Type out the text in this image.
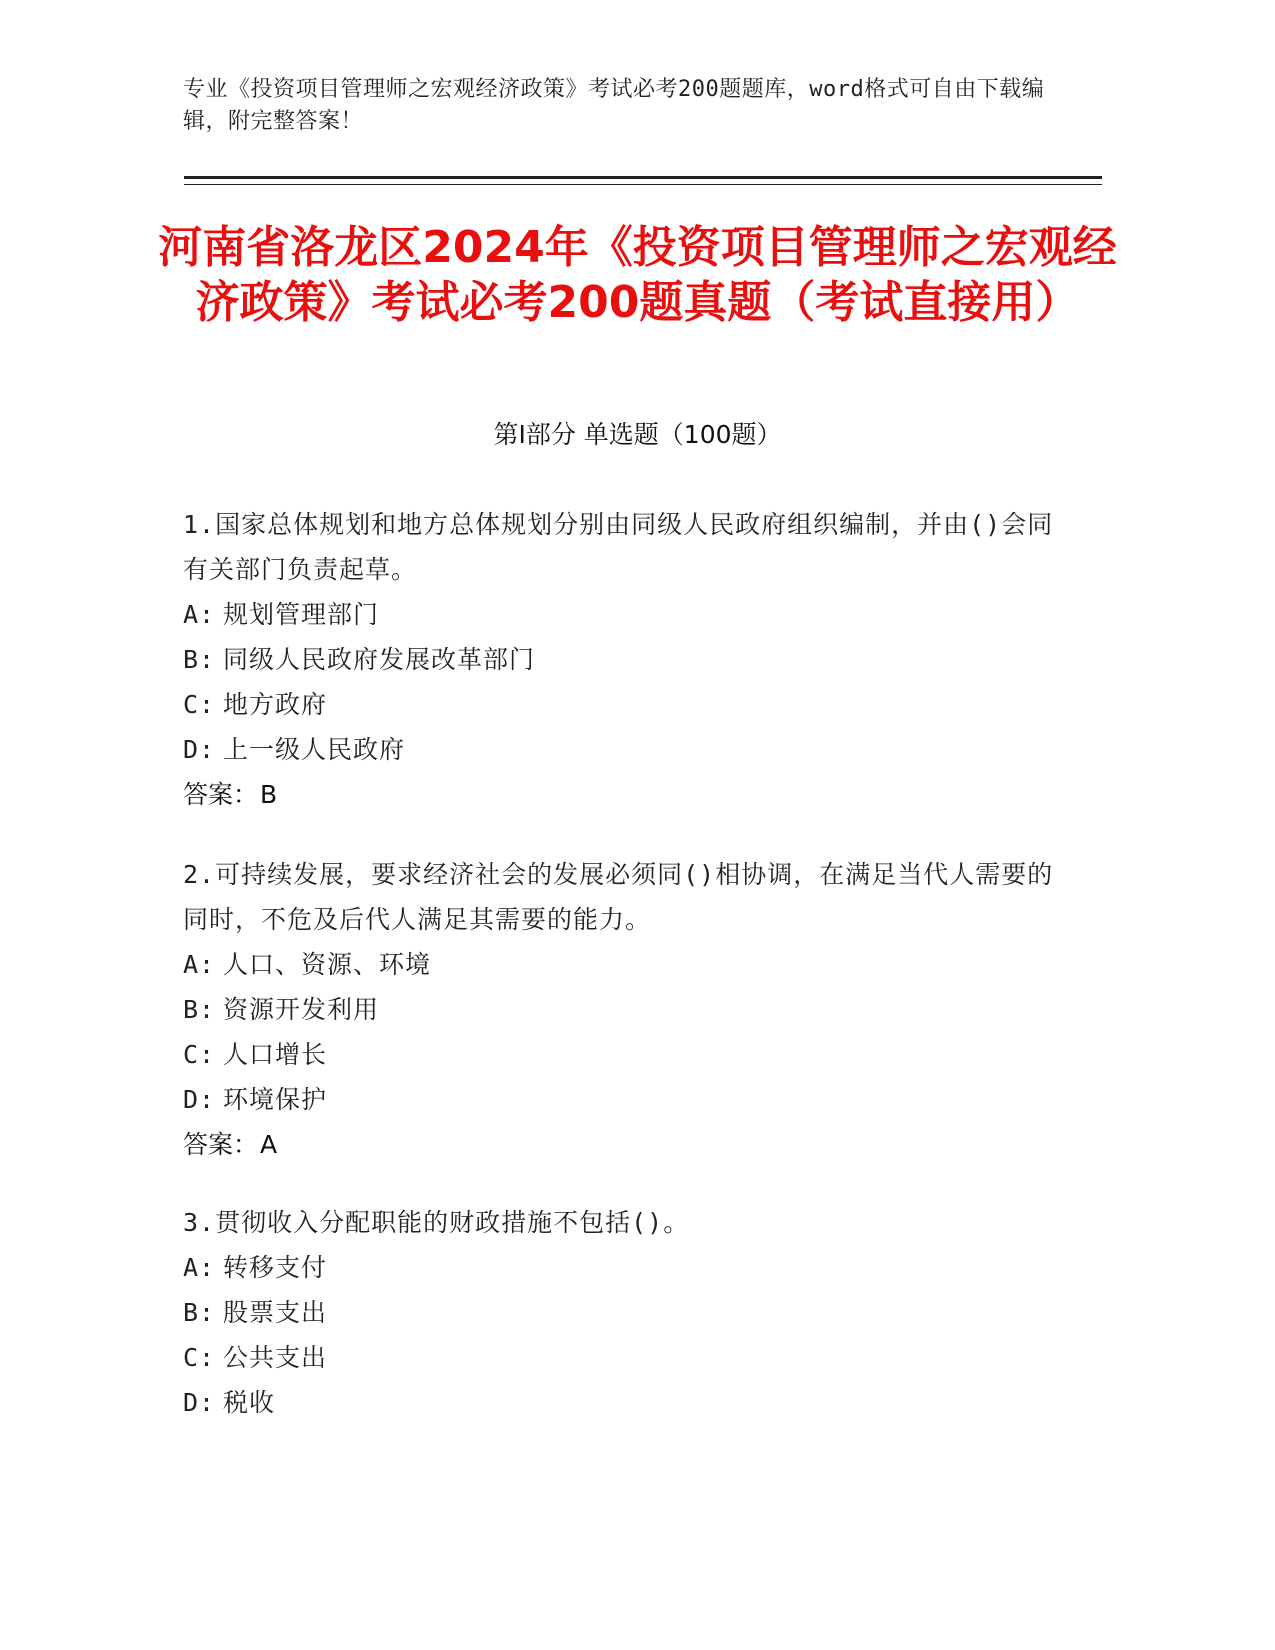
专业《投资项目管理师之宏观经济政策》考试必考200题题库，word格式可自由下载编辑，附完整答案！
河南省洛龙区2024年《投资项目管理师之宏观经济政策》考试必考200题真题（考试直接用）
第I部分 单选题（100题）
1.国家总体规划和地方总体规划分别由同级人民政府组织编制，并由()会同有关部门负责起草。
A: 规划管理部门
B: 同级人民政府发展改革部门
C: 地方政府
D: 上一级人民政府
答案：B
2.可持续发展，要求经济社会的发展必须同()相协调，在满足当代人需要的同时，不危及后代人满足其需要的能力。
A: 人口、资源、环境
B: 资源开发利用
C: 人口增长
D: 环境保护
答案：A
3.贯彻收入分配职能的财政措施不包括()。
A: 转移支付
B: 股票支出
C: 公共支出
D: 税收
